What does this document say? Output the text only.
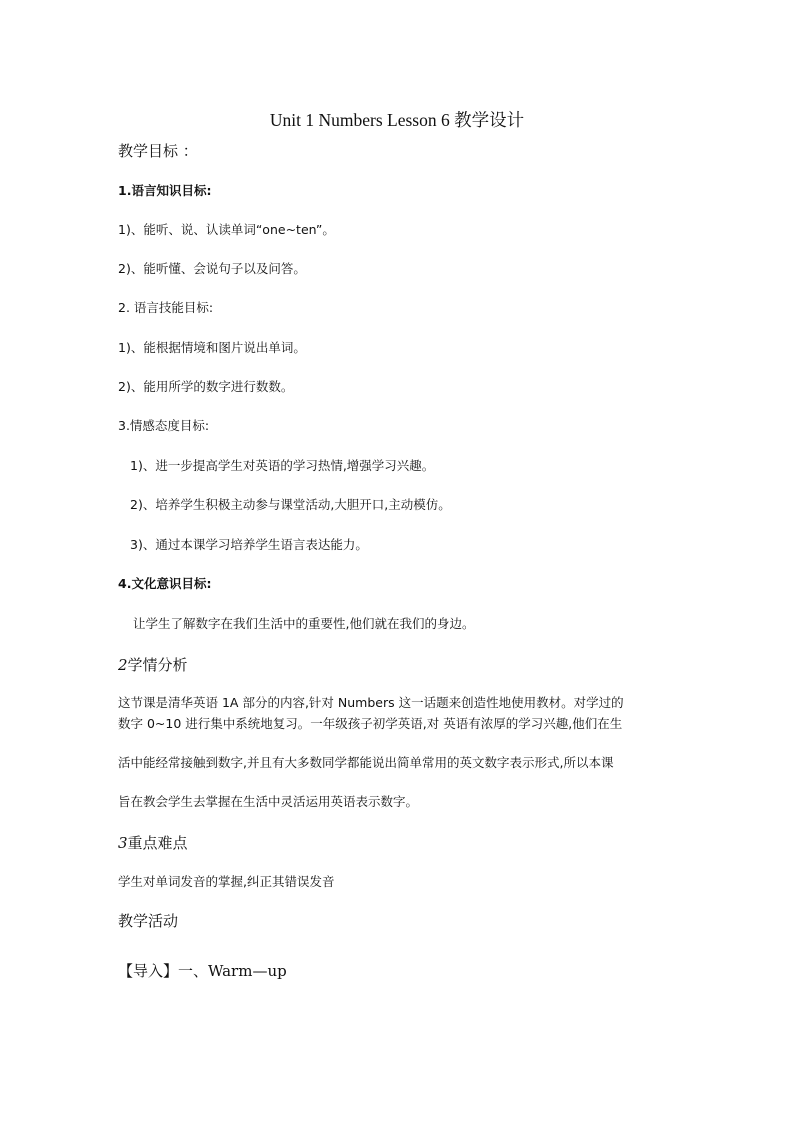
Unit 1 Numbers Lesson 6 教学设计
教学目标 ：
1.语言知识目标:
1)、能听、说、认读单词“one~ten”。
2)、能听懂、会说句子以及问答。
2. 语言技能目标:
1)、能根据情境和图片说出单词。
2)、能用所学的数字进行数数。
3.情感态度目标:
1)、进一步提高学生对英语的学习热情,增强学习兴趣。
2)、培养学生积极主动参与课堂活动,大胆开口,主动模仿。
3)、通过本课学习培养学生语言表达能力。
4.文化意识目标:
让学生了解数字在我们生活中的重要性,他们就在我们的身边。
2学情分析
这节课是清华英语 1A 部分的内容,针对 Numbers 这一话题来创造性地使用教材。对学过的
数字 0~10 进行集中系统地复习。一年级孩子初学英语,对 英语有浓厚的学习兴趣,他们在生
活中能经常接触到数字,并且有大多数同学都能说出简单常用的英文数字表示形式,所以本课
旨在教会学生去掌握在生活中灵活运用英语表示数字。
3重点难点
学生对单词发音的掌握,纠正其错误发音
教学活动
【导入】一、Warm—up
